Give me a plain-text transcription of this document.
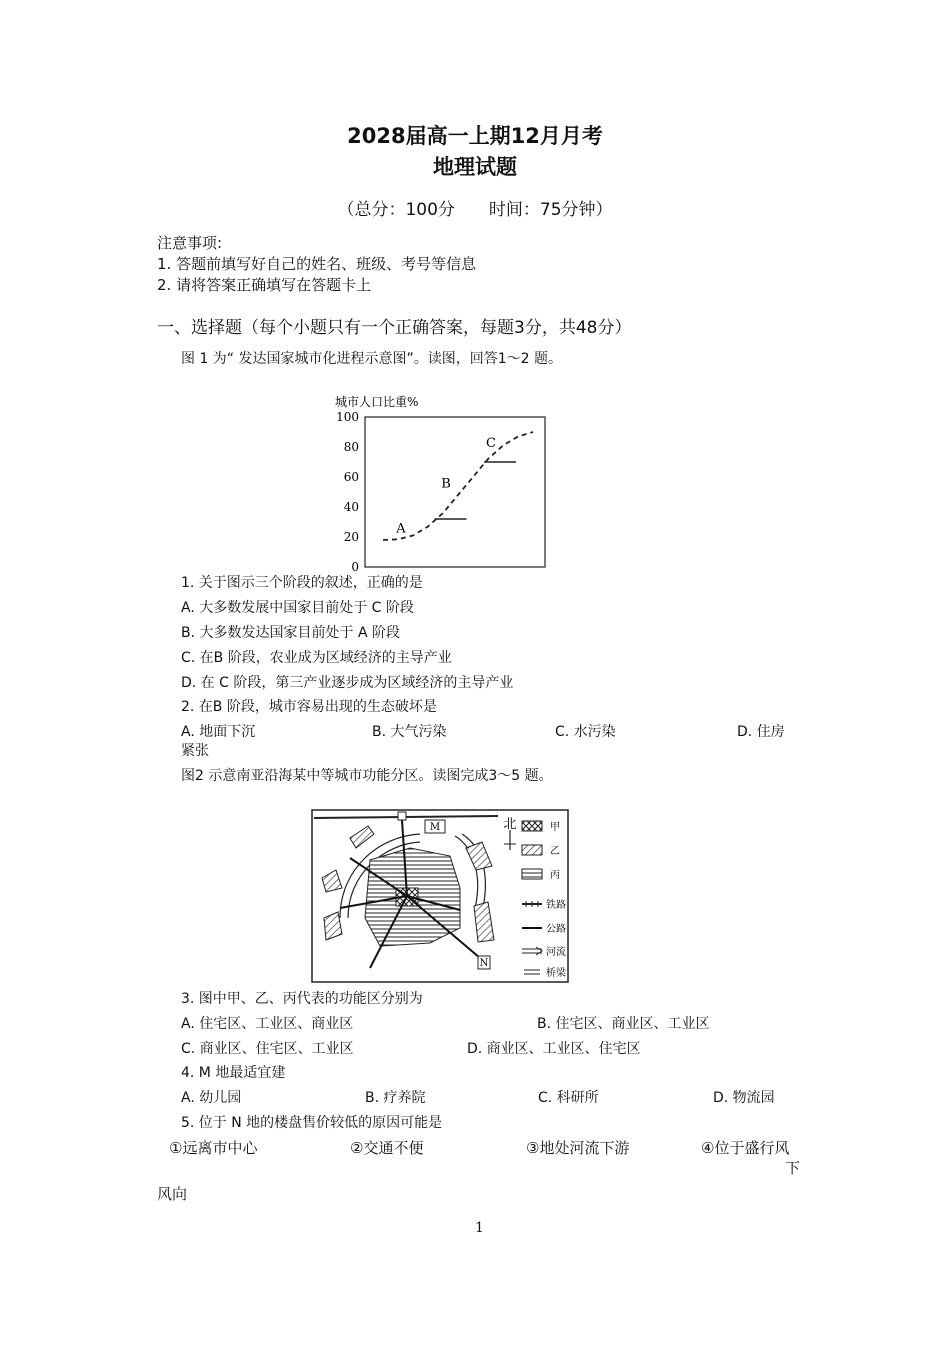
2028届高一上期12月月考
地理试题
（总分：100分　　时间：75分钟）
注意事项:
1. 答题前填写好自己的姓名、班级、考号等信息
2. 请将答案正确填写在答题卡上
一、选择题（每个小题只有一个正确答案，每题3分，共48分）
图 1 为“ 发达国家城市化进程示意图”。读图，回答1～2 题。
城市人口比重%
100
80
60
40
20
0
A
B
C
1. 关于图示三个阶段的叙述，正确的是
A. 大多数发展中国家目前处于 C 阶段
B. 大多数发达国家目前处于 A 阶段
C. 在B 阶段，农业成为区域经济的主导产业
D. 在 C 阶段，第三产业逐步成为区域经济的主导产业
2. 在B 阶段，城市容易出现的生态破坏是
A. 地面下沉	B. 大气污染	C. 水污染	D. 住房
紧张
图2 示意南亚沿海某中等城市功能分区。读图完成3～5 题。
M
N
北	甲
乙
丙
铁路
公路
河流
桥梁
3. 图中甲、乙、丙代表的功能区分别为
A. 住宅区、工业区、商业区	B. 住宅区、商业区、工业区
C. 商业区、住宅区、工业区	D. 商业区、工业区、住宅区
4. M 地最适宜建
A. 幼儿园	B. 疗养院	C. 科研所	D. 物流园
5. 位于 N 地的楼盘售价较低的原因可能是
①远离市中心	②交通不便	③地处河流下游	④位于盛行风
下
风向
1
